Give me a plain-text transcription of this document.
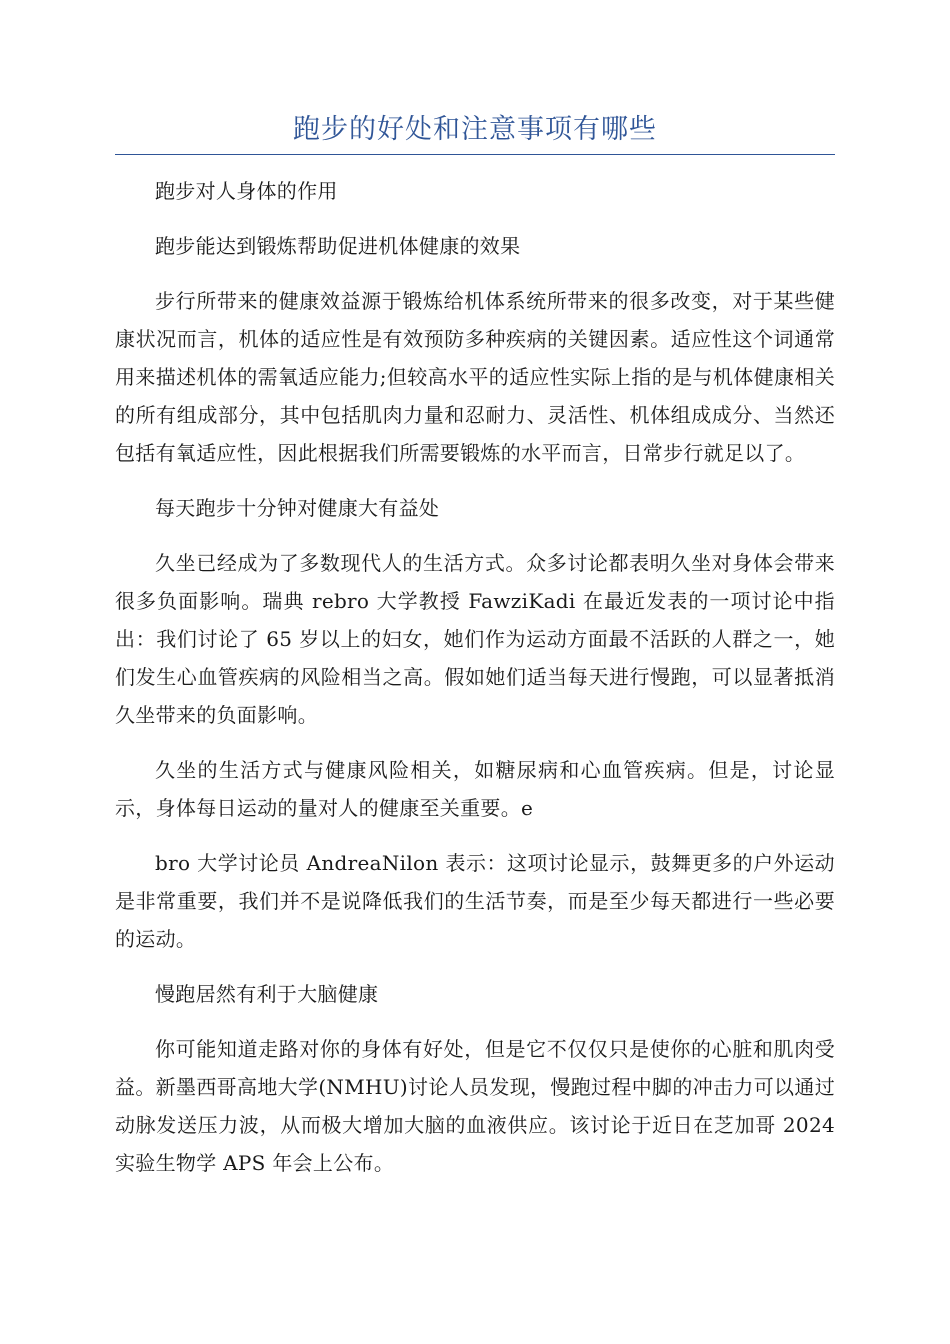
跑步的好处和注意事项有哪些

跑步对人身体的作用

跑步能达到锻炼帮助促进机体健康的效果

步行所带来的健康效益源于锻炼给机体系统所带来的很多改变，对于某些健康状况而言，机体的适应性是有效预防多种疾病的关键因素。适应性这个词通常用来描述机体的需氧适应能力;但较高水平的适应性实际上指的是与机体健康相关的所有组成部分，其中包括肌肉力量和忍耐力、灵活性、机体组成成分、当然还包括有氧适应性，因此根据我们所需要锻炼的水平而言，日常步行就足以了。

每天跑步十分钟对健康大有益处

久坐已经成为了多数现代人的生活方式。众多讨论都表明久坐对身体会带来很多负面影响。瑞典 rebro 大学教授 FawziKadi 在最近发表的一项讨论中指出：我们讨论了 65 岁以上的妇女，她们作为运动方面最不活跃的人群之一，她们发生心血管疾病的风险相当之高。假如她们适当每天进行慢跑，可以显著抵消久坐带来的负面影响。

久坐的生活方式与健康风险相关，如糖尿病和心血管疾病。但是，讨论显示，身体每日运动的量对人的健康至关重要。e

bro 大学讨论员 AndreaNilon 表示：这项讨论显示，鼓舞更多的户外运动是非常重要，我们并不是说降低我们的生活节奏，而是至少每天都进行一些必要的运动。

慢跑居然有利于大脑健康

你可能知道走路对你的身体有好处，但是它不仅仅只是使你的心脏和肌肉受益。新墨西哥高地大学(NMHU)讨论人员发现，慢跑过程中脚的冲击力可以通过动脉发送压力波，从而极大增加大脑的血液供应。该讨论于近日在芝加哥 2024 实验生物学 APS 年会上公布。
